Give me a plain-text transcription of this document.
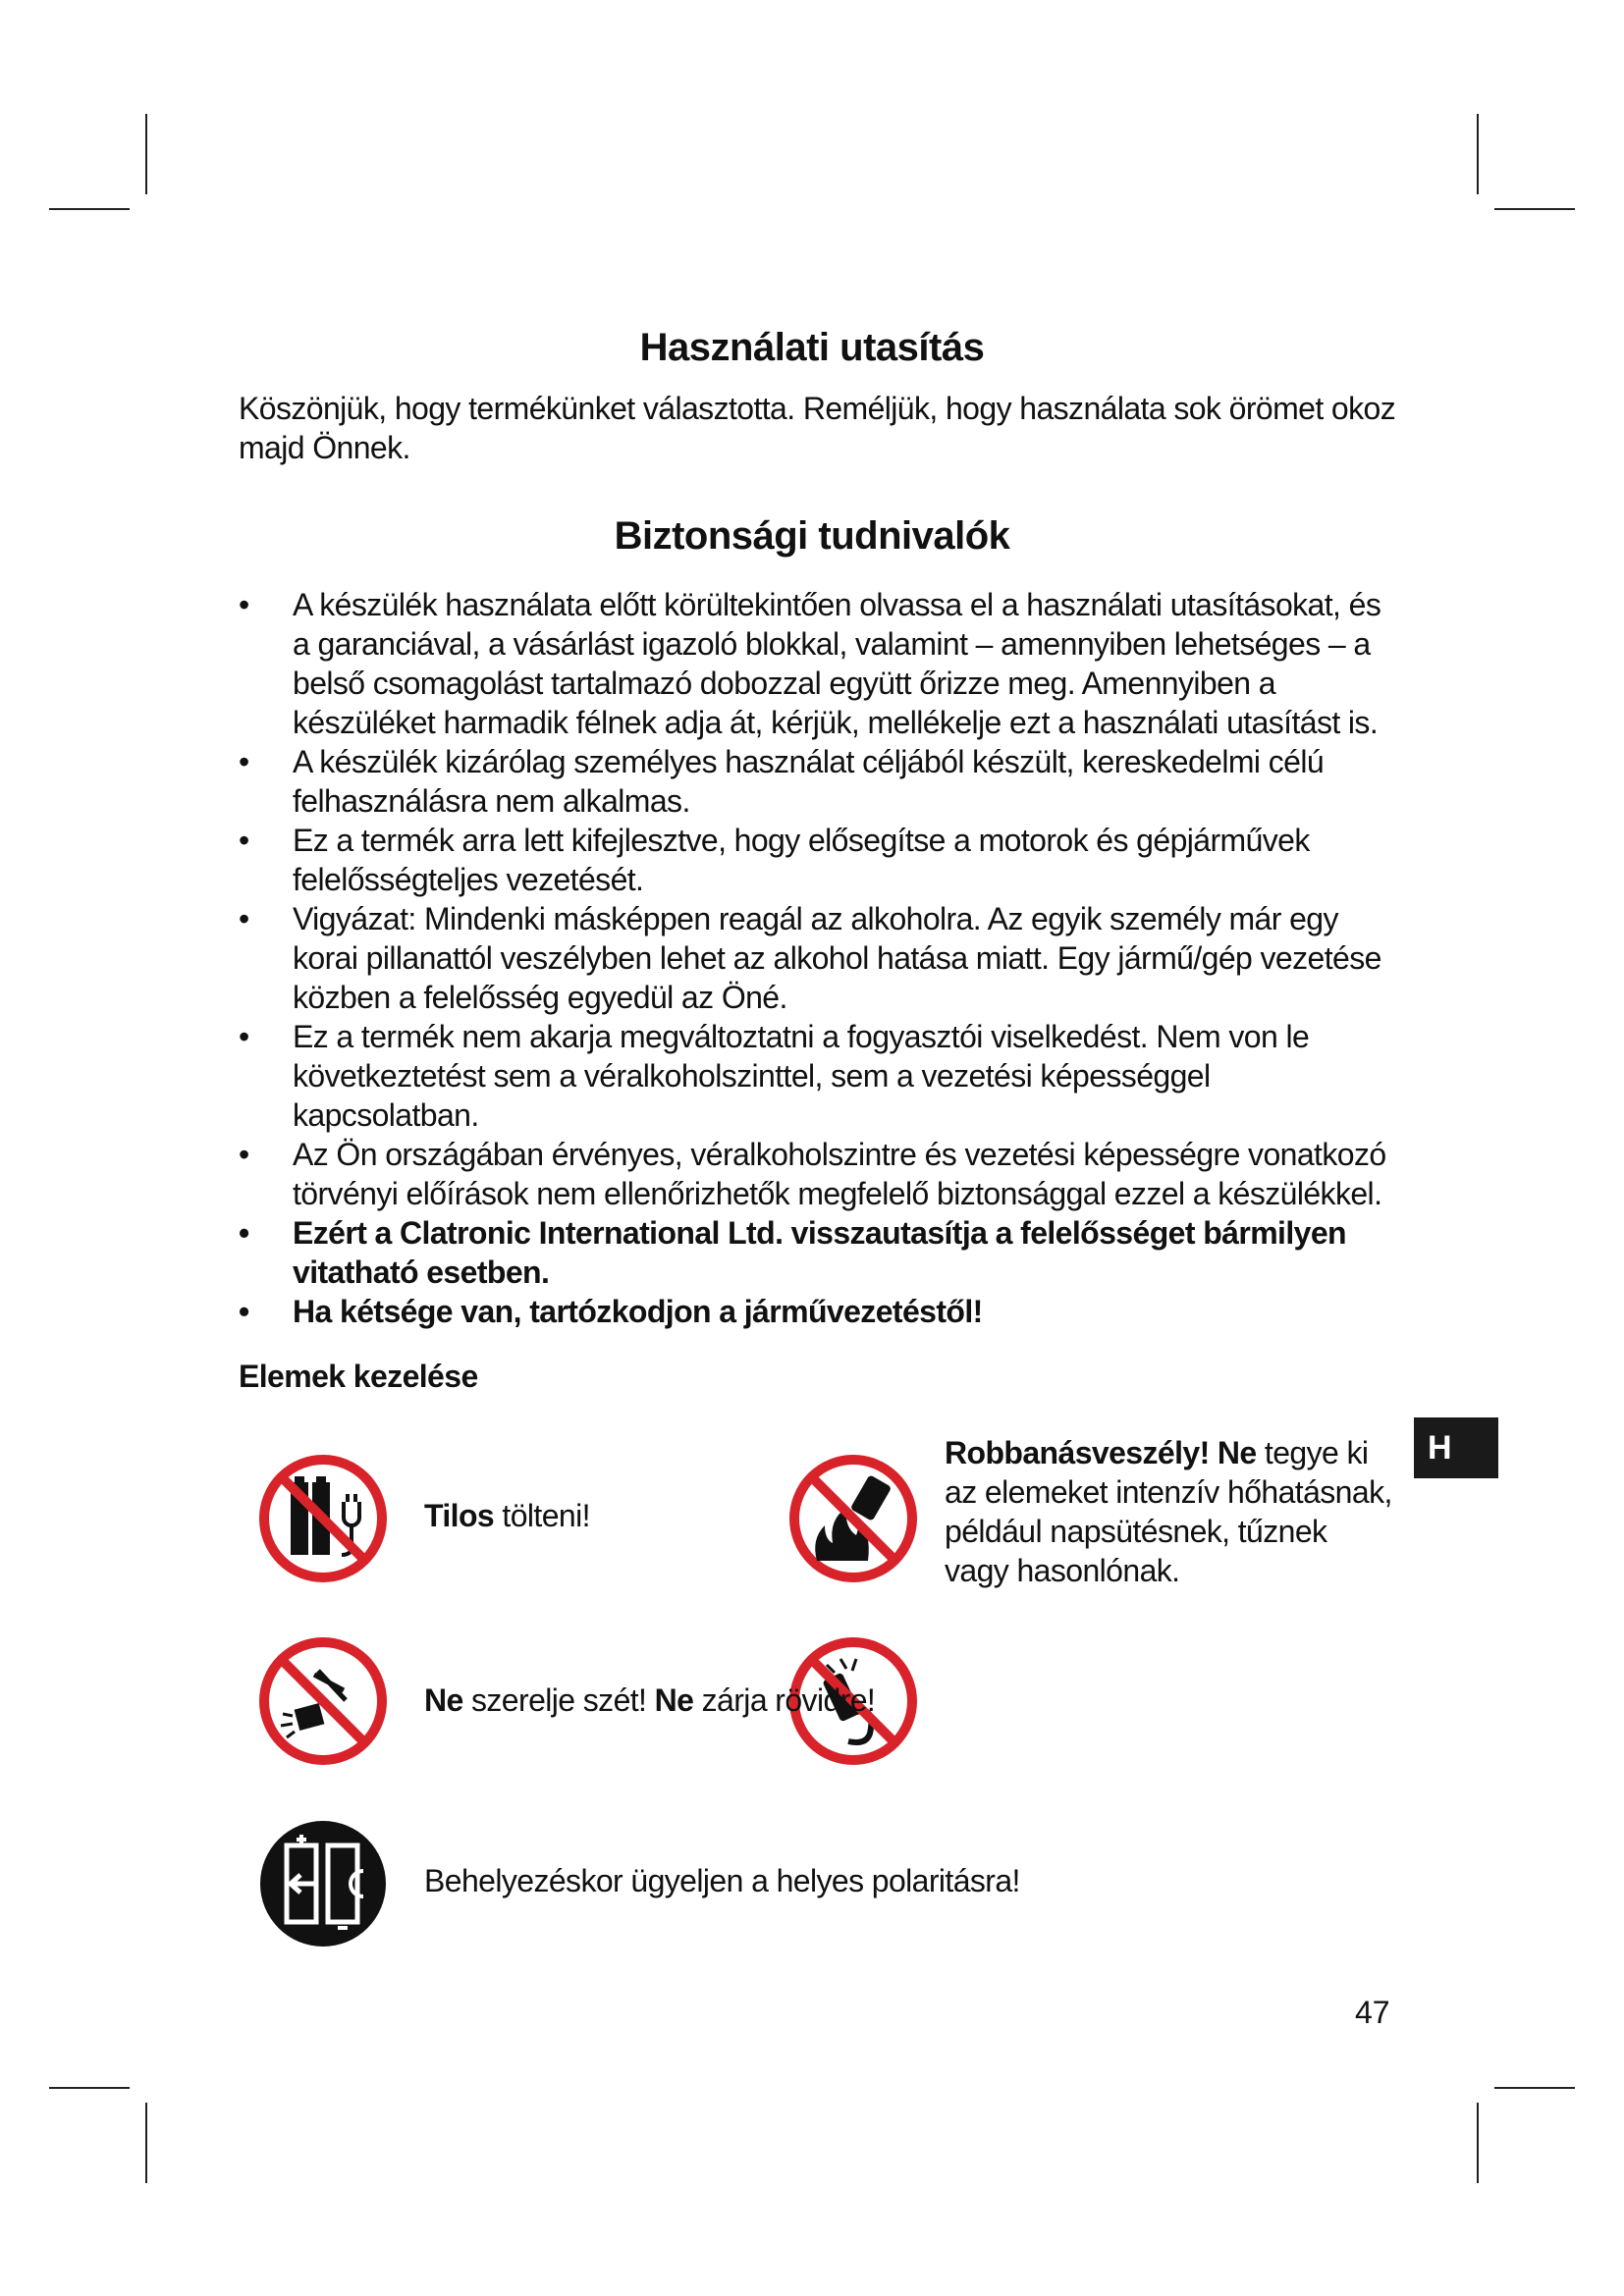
Használati utasítás
Köszönjük, hogy termékünket választotta. Reméljük, hogy használata sok örömet okoz majd Önnek.
Biztonsági tudnivalók
• A készülék használata előtt körültekintően olvassa el a használati utasításokat, és a garanciával, a vásárlást igazoló blokkal, valamint – amennyiben lehetséges – a belső csomagolást tartalmazó dobozzal együtt őrizze meg. Amennyiben a készüléket harmadik félnek adja át, kérjük, mellékelje ezt a használati utasítást is.
• A készülék kizárólag személyes használat céljából készült, kereskedelmi célú felhasználásra nem alkalmas.
• Ez a termék arra lett kifejlesztve, hogy elősegítse a motorok és gépjárművek felelősségteljes vezetését.
• Vigyázat: Mindenki másképpen reagál az alkoholra. Az egyik személy már egy korai pillanattól veszélyben lehet az alkohol hatása miatt. Egy jármű/gép vezetése közben a felelősség egyedül az Öné.
• Ez a termék nem akarja megváltoztatni a fogyasztói viselkedést. Nem von le következtetést sem a véralkoholszinttel, sem a vezetési képességgel kapcsolatban.
• Az Ön országában érvényes, véralkoholszintre és vezetési képességre vonatkozó törvényi előírások nem ellenőrizhetők megfelelő biztonsággal ezzel a készülékkel.
• Ezért a Clatronic International Ltd. visszautasítja a felelősséget bármilyen vitatható esetben.
• Ha kétsége van, tartózkodjon a járművezetéstől!
Elemek kezelése
H
Tilos tölteni!
Robbanásveszély! Ne tegye ki az elemeket intenzív hőhatásnak, például napsütésnek, tűznek vagy hasonlónak.
Ne szerelje szét! Ne zárja rövidre!
Behelyezéskor ügyeljen a helyes polaritásra!
47
